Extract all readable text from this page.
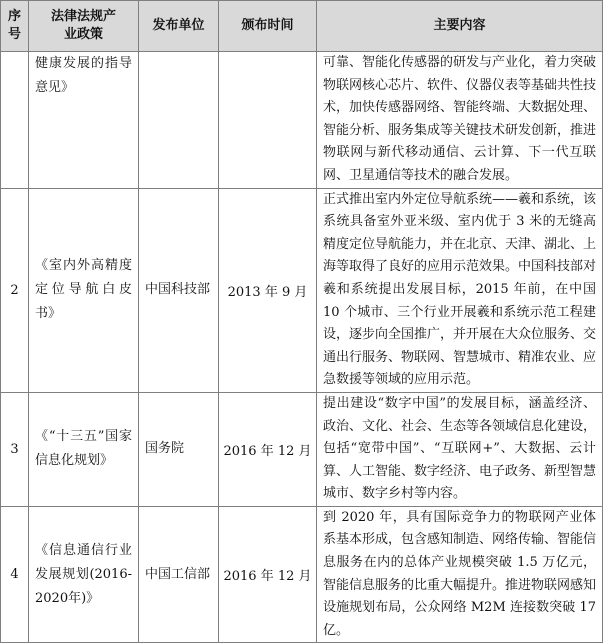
序号	法律法规产业政策	发布单位	颁布时间	主要内容

	健康发展的指导意见》			可靠、智能化传感器的研发与产业化，着力突破物联网核心芯片、软件、仪器仪表等基础共性技术，加快传感器网络、智能终端、大数据处理、智能分析、服务集成等关键技术研发创新，推进物联网与新代移动通信、云计算、下一代互联网、卫星通信等技术的融合发展。

2	《室内外高精度定位导航白皮书》	中国科技部	2013 年 9 月	正式推出室内外定位导航系统——羲和系统，该系统具备室外亚米级、室内优于 3 米的无缝高精度定位导航能力，并在北京、天津、湖北、上海等取得了良好的应用示范效果。中国科技部对羲和系统提出发展目标，2015 年前，在中国 10 个城市、三个行业开展羲和系统示范工程建设，逐步向全国推广，并开展在大众位服务、交通出行服务、物联网、智慧城市、精准农业、应急数援等领域的应用示范。

3	《“十三五”国家信息化规划》	国务院	2016 年 12 月	提出建设“数字中国”的发展目标，涵盖经济、政治、文化、社会、生态等各领域信息化建设，包括“宽带中国”、“互联网+”、大数据、云计算、人工智能、数字经济、电子政务、新型智慧城市、数字乡村等内容。

4	《信息通信行业发展规划(2016-2020年)》	中国工信部	2016 年 12 月	到 2020 年，具有国际竞争力的物联网产业体系基本形成，包含感知制造、网络传输、智能信息服务在内的总体产业规模突破 1.5 万亿元，智能信息服务的比重大幅提升。推进物联网感知设施规划布局，公众网络 M2M 连接数突破 17 亿。
